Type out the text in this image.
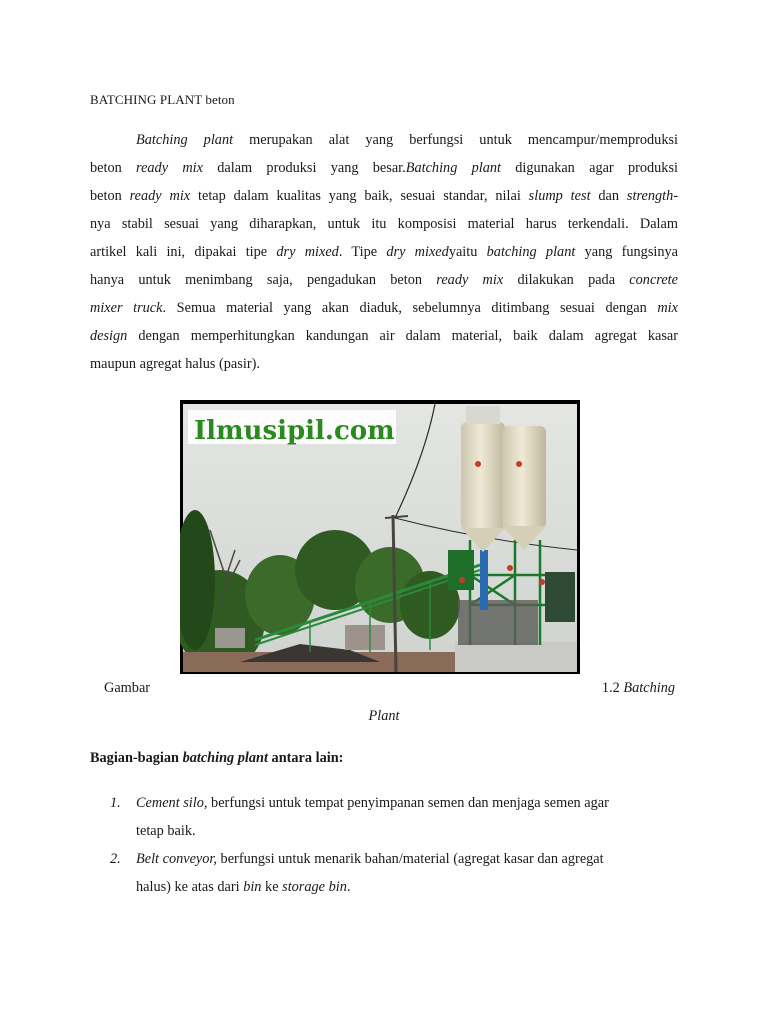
BATCHING PLANT beton
Batching plant merupakan alat yang berfungsi untuk mencampur/memproduksi
beton ready mix dalam produksi yang besar.Batching plant digunakan agar produksi
beton ready mix tetap dalam kualitas yang baik, sesuai standar, nilai slump test dan strength-
nya stabil sesuai yang diharapkan, untuk itu komposisi material harus terkendali. Dalam
artikel kali ini, dipakai tipe dry mixed. Tipe dry mixedyaitu batching plant yang fungsinya
hanya untuk menimbang saja, pengadukan beton ready mix dilakukan pada concrete
mixer truck. Semua material yang akan diaduk, sebelumnya ditimbang sesuai dengan mix
design dengan memperhitungkan kandungan air dalam material, baik dalam agregat kasar
maupun agregat halus (pasir).
Ilmusipil.com
Gambar	1.2 Batching
Plant
Bagian-bagian batching plant antara lain:
1. Cement silo, berfungsi untuk tempat penyimpanan semen dan menjaga semen agar
tetap baik.
2. Belt conveyor, berfungsi untuk menarik bahan/material (agregat kasar dan agregat
halus) ke atas dari bin ke storage bin.
